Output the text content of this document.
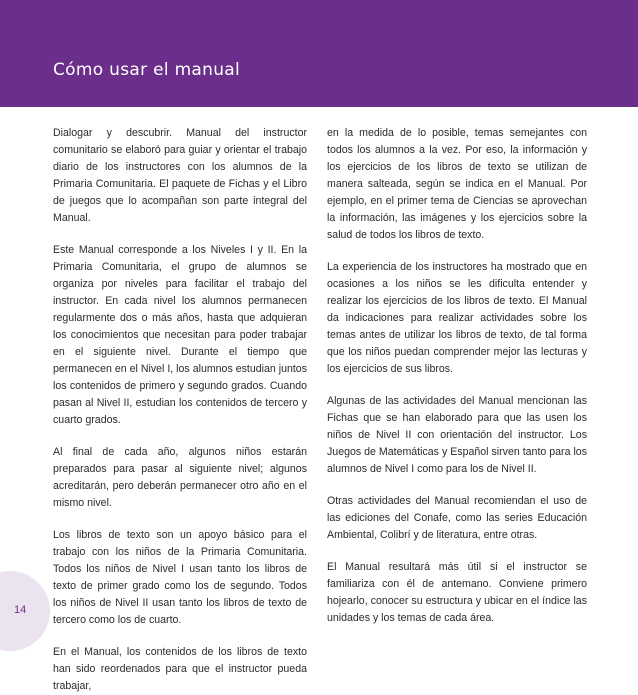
Cómo usar el manual

Dialogar y descubrir. Manual del instructor comunitario se elaboró para guiar y orientar el trabajo diario de los instructores con los alumnos de la Primaria Comunitaria. El paquete de Fichas y el Libro de juegos que lo acompañan son parte integral del Manual.

Este Manual corresponde a los Niveles I y II. En la Primaria Comunitaria, el grupo de alumnos se organiza por niveles para facilitar el trabajo del instructor. En cada nivel los alumnos permanecen regularmente dos o más años, hasta que adquieran los conocimientos que necesitan para poder trabajar en el siguiente nivel. Durante el tiempo que permanecen en el Nivel I, los alumnos estudian juntos los contenidos de primero y segundo grados. Cuando pasan al Nivel II, estudian los contenidos de tercero y cuarto grados.

Al final de cada año, algunos niños estarán preparados para pasar al siguiente nivel; algunos acreditarán, pero deberán permanecer otro año en el mismo nivel.

Los libros de texto son un apoyo básico para el trabajo con los niños de la Primaria Comunitaria. Todos los niños de Nivel I usan tanto los libros de texto de primer grado como los de segundo. Todos los niños de Nivel II usan tanto los libros de texto de tercero como los de cuarto.

En el Manual, los contenidos de los libros de texto han sido reordenados para que el instructor pueda trabajar,

en la medida de lo posible, temas semejantes con todos los alumnos a la vez. Por eso, la información y los ejercicios de los libros de texto se utilizan de manera salteada, según se indica en el Manual. Por ejemplo, en el primer tema de Ciencias se aprovechan la información, las imágenes y los ejercicios sobre la salud de todos los libros de texto.

La experiencia de los instructores ha mostrado que en ocasiones a los niños se les dificulta entender y realizar los ejercicios de los libros de texto. El Manual da indicaciones para realizar actividades sobre los temas antes de utilizar los libros de texto, de tal forma que los niños puedan comprender mejor las lecturas y los ejercicios de sus libros.

Algunas de las actividades del Manual mencionan las Fichas que se han elaborado para que las usen los niños de Nivel II con orientación del instructor. Los Juegos de Matemáticas y Español sirven tanto para los alumnos de Nivel I como para los de Nivel II.

Otras actividades del Manual recomiendan el uso de las ediciones del Conafe, como las series Educación Ambiental, Colibrí y de literatura, entre otras.

El Manual resultará más útil si el instructor se familiariza con él de antemano. Conviene primero hojearlo, conocer su estructura y ubicar en el índice las unidades y los temas de cada área.

14
